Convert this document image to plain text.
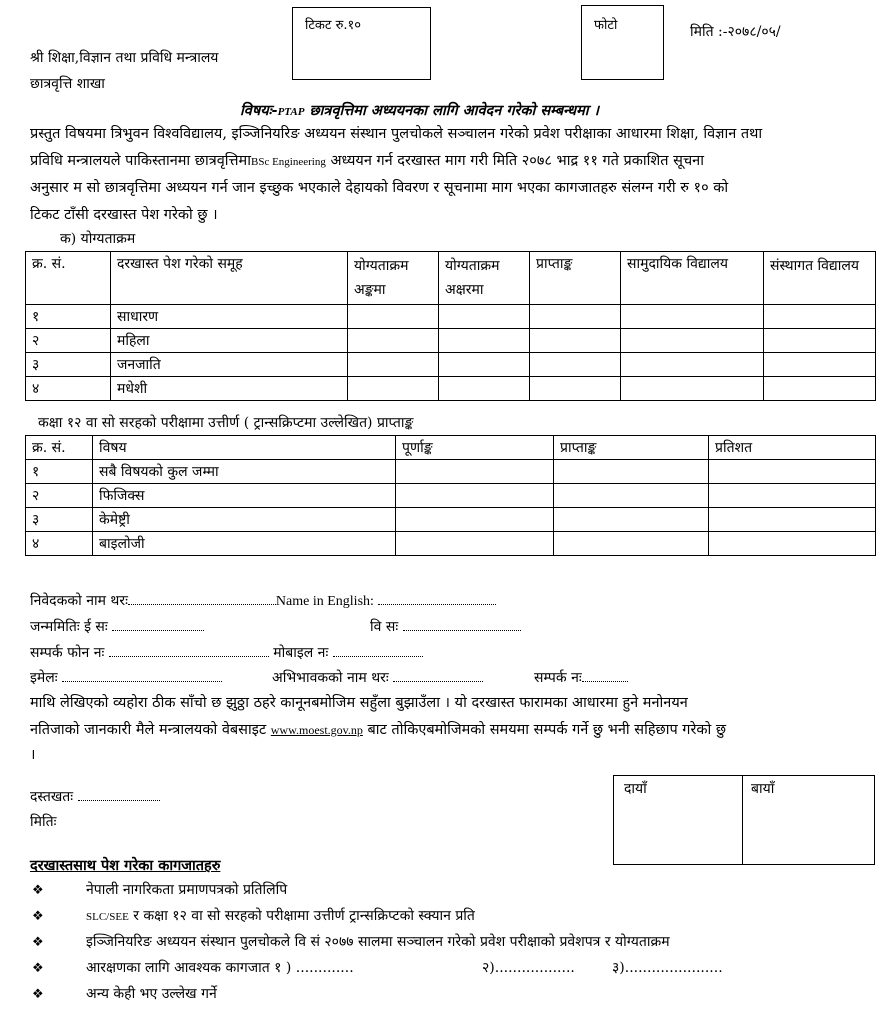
टिकट रु.१०	फोटो	मिति :-२०७८/०५/
श्री शिक्षा,विज्ञान तथा प्रविधि मन्त्रालय
छात्रवृत्ति शाखा
विषयः-PTAP छात्रवृत्तिमा अध्ययनका लागि आवेदन गरेको सम्बन्धमा ।
प्रस्तुत विषयमा त्रिभुवन विश्वविद्यालय, इञ्जिनियरिङ अध्ययन संस्थान पुलचोकले सञ्चालन गरेको प्रवेश परीक्षाका आधारमा शिक्षा, विज्ञान तथा
प्रविधि मन्त्रालयले पाकिस्तानमा छात्रवृत्तिमाBSc Engineering अध्ययन गर्न दरखास्त माग गरी मिति २०७८ भाद्र ११ गते प्रकाशित सूचना
अनुसार म सो छात्रवृत्तिमा अध्ययन गर्न जान इच्छुक भएकाले देहायको विवरण र सूचनामा माग भएका कागजातहरु संलग्न गरी रु १० को
टिकट टाँसी दरखास्त पेश गरेको छु ।
क) योग्यताक्रम
क्र. सं.	दरखास्त पेश गरेको समूह	योग्यताक्रम अङ्कमा	योग्यताक्रम अक्षरमा	प्राप्ताङ्क	सामुदायिक विद्यालय	संस्थागत विद्यालय
१	साधारण					
२	महिला					
३	जनजाति					
४	मधेशी					
कक्षा १२ वा सो सरहको परीक्षामा उत्तीर्ण ( ट्रान्सक्रिप्टमा उल्लेखित) प्राप्ताङ्क
क्र. सं.	विषय	पूर्णाङ्क	प्राप्ताङ्क	प्रतिशत
१	सबै विषयको कुल जम्मा			
२	फिजिक्स			
३	केमेष्ट्री			
४	बाइलोजी			
निवेदकको नाम थरः	Name in English:
जन्ममितिः ई सः	वि सः
सम्पर्क फोन नः	मोबाइल नः
इमेलः	अभिभावकको नाम थरः	सम्पर्क नः
माथि लेखिएको व्यहोरा ठीक साँचो छ झुठ्ठा ठहरे कानूनबमोजिम सहुँला बुझाउँला । यो दरखास्त फारामका आधारमा हुने मनोनयन
नतिजाको जानकारी मैले मन्त्रालयको वेबसाइट www.moest.gov.np बाट तोकिएबमोजिमको समयमा सम्पर्क गर्ने छु भनी सहिछाप गरेको छु
।
दस्तखतः
मितिः
दायाँ	बायाँ
दरखास्तसाथ पेश गरेका कागजातहरु
❖	नेपाली नागरिकता प्रमाणपत्रको प्रतिलिपि
❖	SLC/SEE र कक्षा १२ वा सो सरहको परीक्षामा उत्तीर्ण ट्रान्सक्रिप्टको स्क्यान प्रति
❖	इञ्जिनियरिङ अध्ययन संस्थान पुलचोकले वि सं २०७७ सालमा सञ्चालन गरेको प्रवेश परीक्षाको प्रवेशपत्र र योग्यताक्रम
❖	आरक्षणका लागि आवश्यक कागजात १ ) .............	२)..................	३)......................
❖	अन्य केही भए उल्लेख गर्ने
